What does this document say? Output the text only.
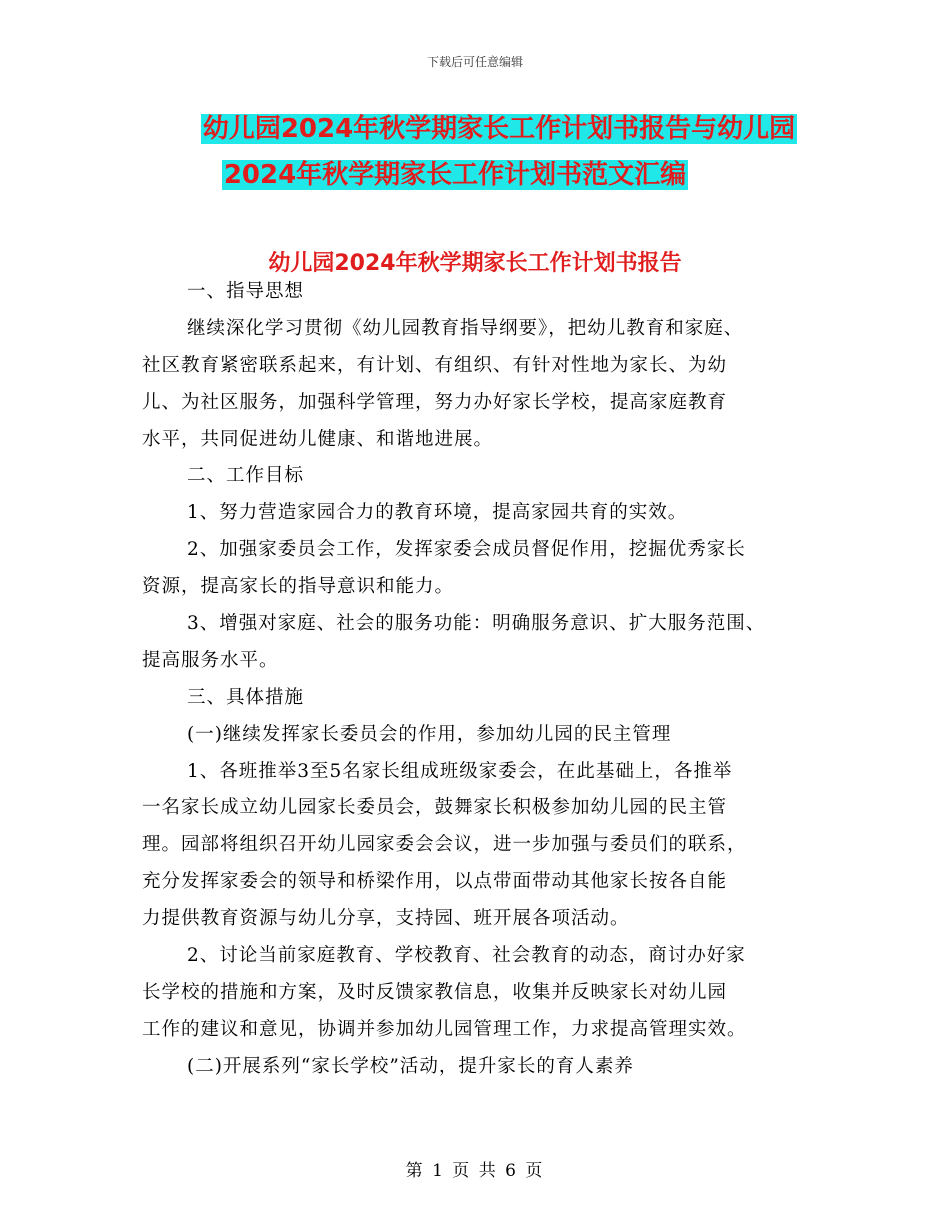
下载后可任意编辑
幼儿园2024年秋学期家长工作计划书报告与幼儿园
2024年秋学期家长工作计划书范文汇编
幼儿园2024年秋学期家长工作计划书报告
一、指导思想
继续深化学习贯彻《幼儿园教育指导纲要》，把幼儿教育和家庭、
社区教育紧密联系起来，有计划、有组织、有针对性地为家长、为幼
儿、为社区服务，加强科学管理，努力办好家长学校，提高家庭教育
水平，共同促进幼儿健康、和谐地进展。
二、工作目标
1、努力营造家园合力的教育环境，提高家园共育的实效。
2、加强家委员会工作，发挥家委会成员督促作用，挖掘优秀家长
资源，提高家长的指导意识和能力。
3、增强对家庭、社会的服务功能：明确服务意识、扩大服务范围、
提高服务水平。
三、具体措施
(一)继续发挥家长委员会的作用，参加幼儿园的民主管理
1、各班推举3至5名家长组成班级家委会，在此基础上，各推举
一名家长成立幼儿园家长委员会，鼓舞家长积极参加幼儿园的民主管
理。园部将组织召开幼儿园家委会会议，进一步加强与委员们的联系，
充分发挥家委会的领导和桥梁作用，以点带面带动其他家长按各自能
力提供教育资源与幼儿分享，支持园、班开展各项活动。
2、讨论当前家庭教育、学校教育、社会教育的动态，商讨办好家
长学校的措施和方案，及时反馈家教信息，收集并反映家长对幼儿园
工作的建议和意见，协调并参加幼儿园管理工作，力求提高管理实效。
(二)开展系列“家长学校”活动，提升家长的育人素养
第 1 页 共 6 页
